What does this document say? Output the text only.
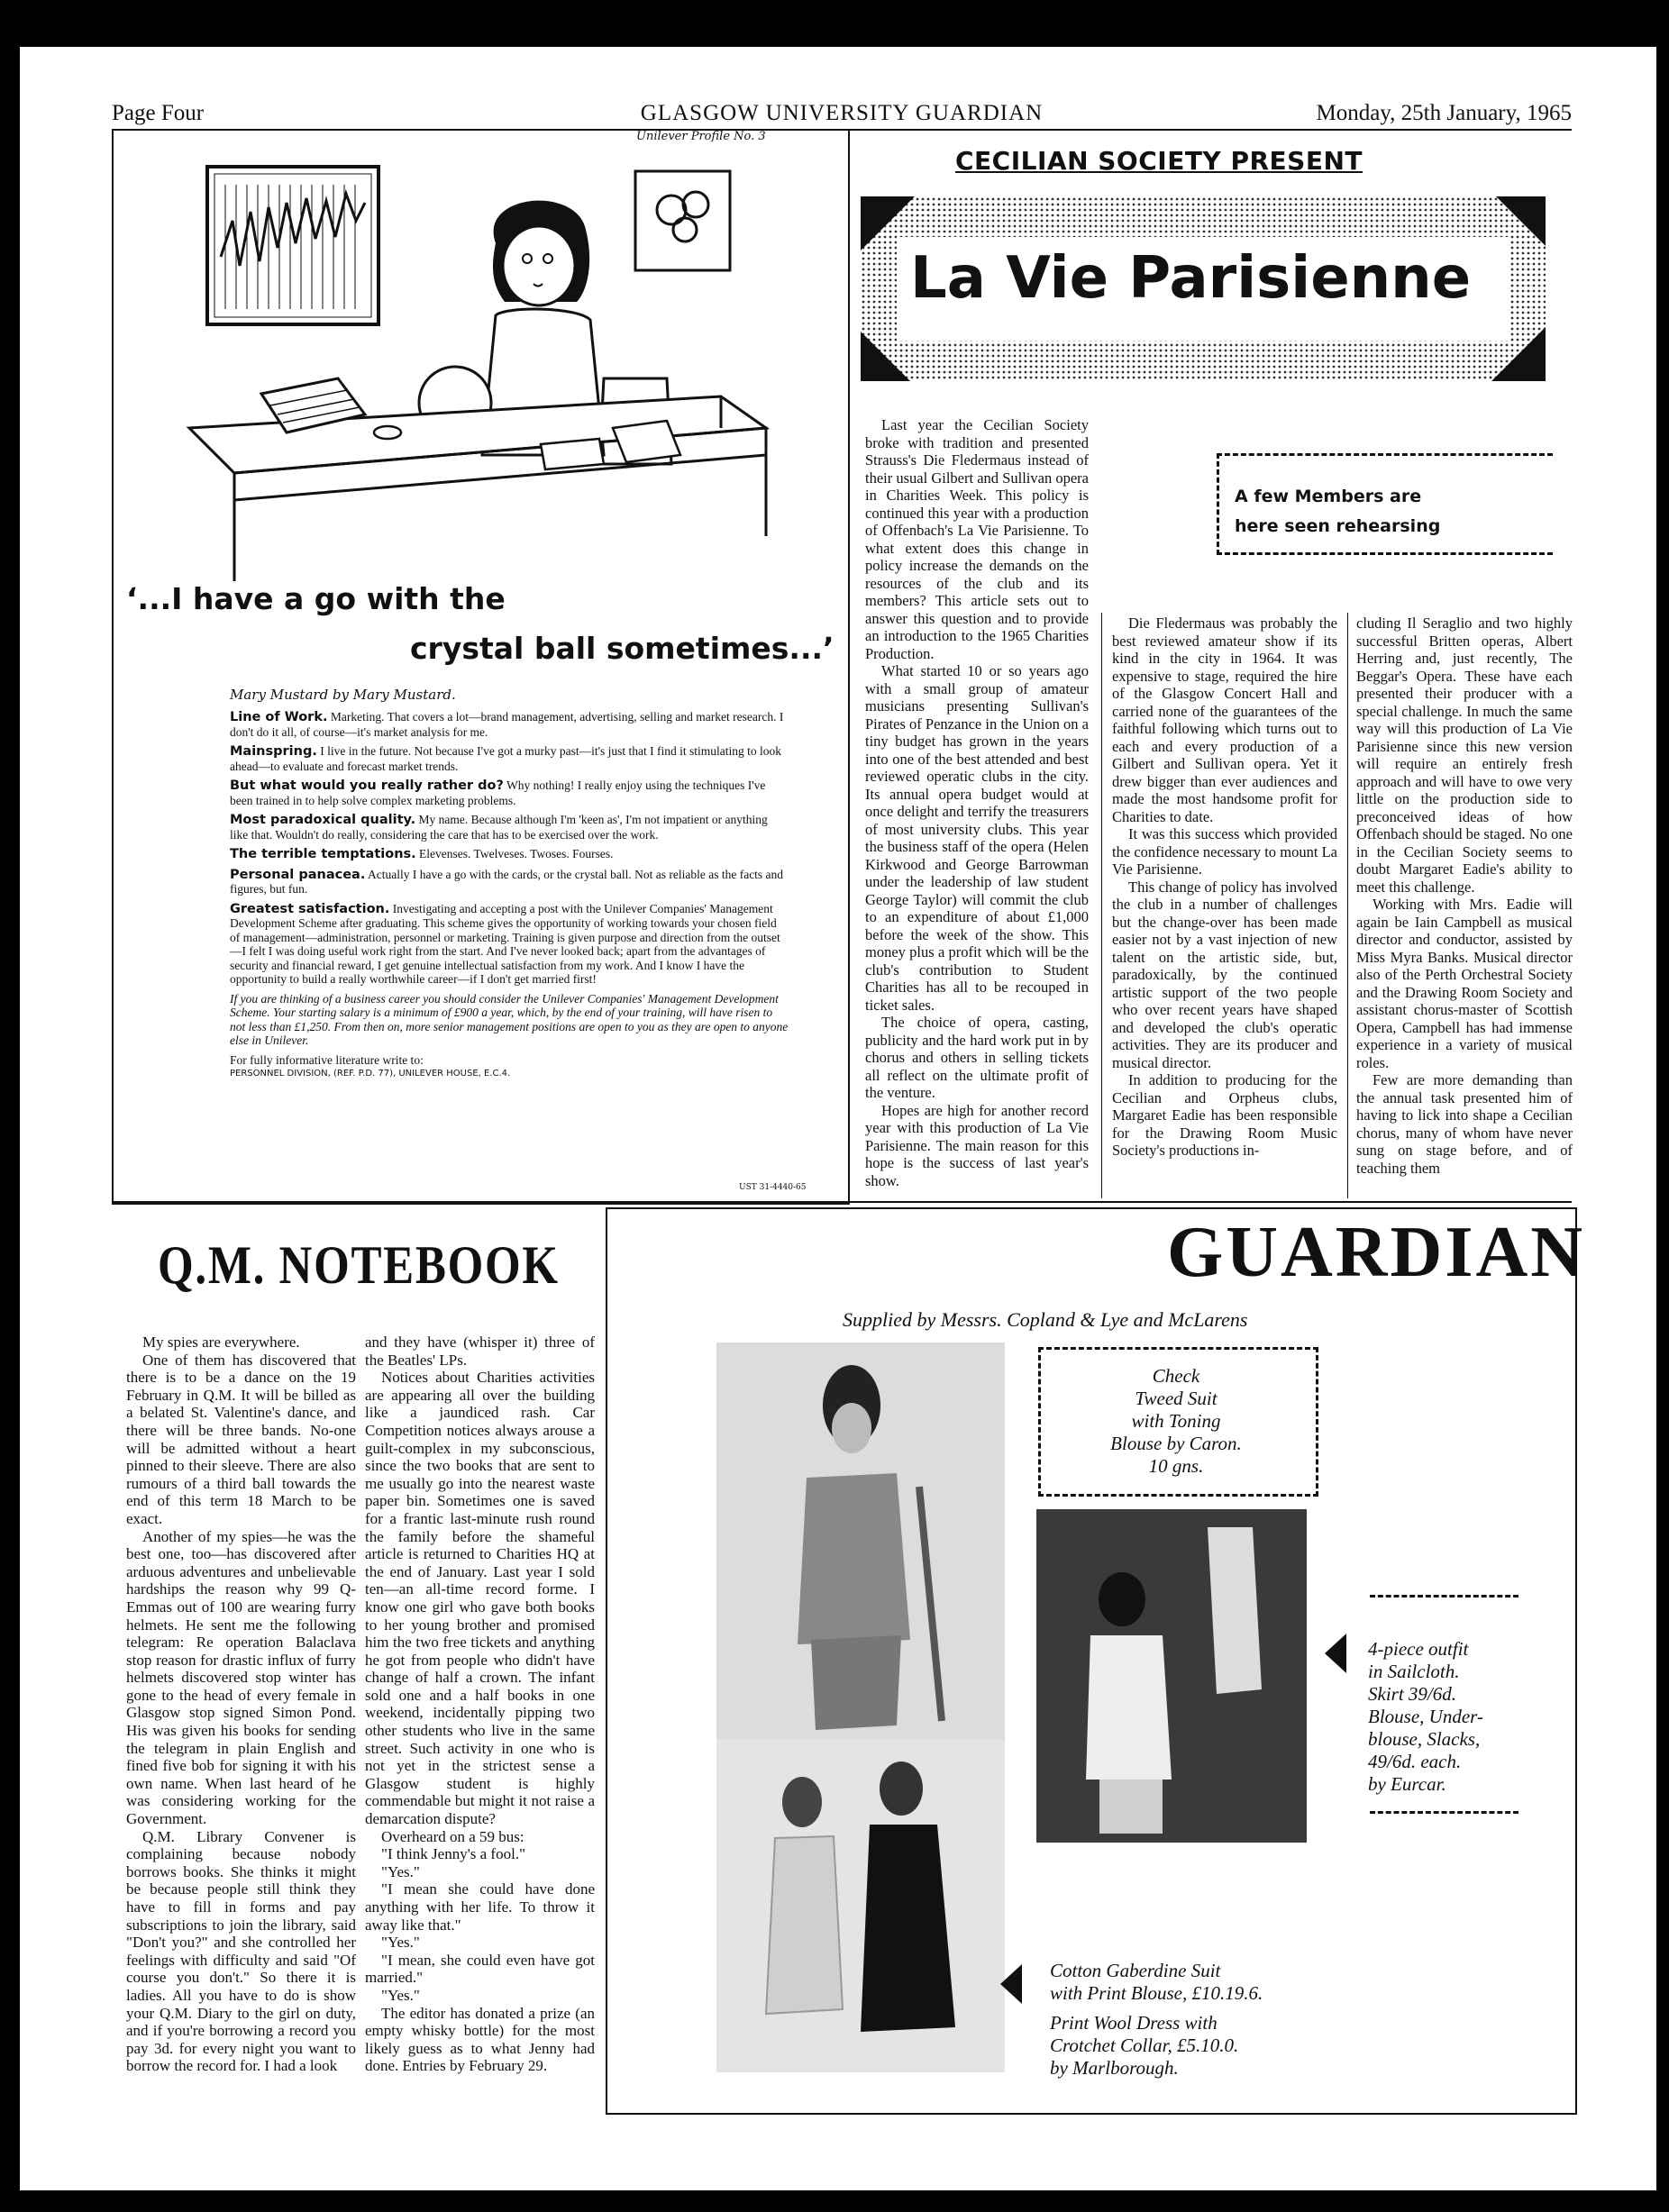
Page Four	GLASGOW UNIVERSITY GUARDIAN	Monday, 25th January, 1965
Unilever Profile No. 3
‘...I have a go with the
crystal ball sometimes...’
Mary Mustard by Mary Mustard.
Line of Work. Marketing. That covers a lot—brand management, advertising, selling and market research. I don't do it all, of course—it's market analysis for me.
Mainspring. I live in the future. Not because I've got a murky past—it's just that I find it stimulating to look ahead—to evaluate and forecast market trends.
But what would you really rather do? Why nothing! I really enjoy using the techniques I've been trained in to help solve complex marketing problems.
Most paradoxical quality. My name. Because although I'm 'keen as', I'm not impatient or anything like that. Wouldn't do really, considering the care that has to be exercised over the work.
The terrible temptations. Elevenses. Twelveses. Twoses. Fourses.
Personal panacea. Actually I have a go with the cards, or the crystal ball. Not as reliable as the facts and figures, but fun.
Greatest satisfaction. Investigating and accepting a post with the Unilever Companies' Management Development Scheme after graduating. This scheme gives the opportunity of working towards your chosen field of management—administration, personnel or marketing. Training is given purpose and direction from the outset—I felt I was doing useful work right from the start. And I've never looked back; apart from the advantages of security and financial reward, I get genuine intellectual satisfaction from my work. And I know I have the opportunity to build a really worthwhile career—if I don't get married first!
If you are thinking of a business career you should consider the Unilever Companies' Management Development Scheme. Your starting salary is a minimum of £900 a year, which, by the end of your training, will have risen to not less than £1,250. From then on, more senior management positions are open to you as they are open to anyone else in Unilever.
For fully informative literature write to:
PERSONNEL DIVISION, (REF. P.D. 77), UNILEVER HOUSE, E.C.4.
UST 31-4440-65
CECILIAN SOCIETY PRESENT
La Vie Parisienne
A few Members are
here seen rehearsing

Last year the Cecilian Society broke with tradition and presented Strauss's Die Fledermaus instead of their usual Gilbert and Sullivan opera in Charities Week. This policy is continued this year with a production of Offenbach's La Vie Parisienne. To what extent does this change in policy increase the demands on the resources of the club and its members? This article sets out to answer this question and to provide an introduction to the 1965 Charities Production.

What started 10 or so years ago with a small group of amateur musicians presenting Sullivan's Pirates of Penzance in the Union on a tiny budget has grown in the years into one of the best attended and best reviewed operatic clubs in the city. Its annual opera budget would at once delight and terrify the treasurers of most university clubs. This year the business staff of the opera (Helen Kirkwood and George Barrowman under the leadership of law student George Taylor) will commit the club to an expenditure of about £1,000 before the week of the show. This money plus a profit which will be the club's contribution to Student Charities has all to be recouped in ticket sales.

The choice of opera, casting, publicity and the hard work put in by chorus and others in selling tickets all reflect on the ultimate profit of the venture.

Hopes are high for another record year with this production of La Vie Parisienne. The main reason for this hope is the success of last year's show.

Die Fledermaus was probably the best reviewed amateur show if its kind in the city in 1964. It was expensive to stage, required the hire of the Glasgow Concert Hall and carried none of the guarantees of the faithful following which turns out to each and every production of a Gilbert and Sullivan opera. Yet it drew bigger than ever audiences and made the most handsome profit for Charities to date.

It was this success which provided the confidence necessary to mount La Vie Parisienne.

This change of policy has involved the club in a number of challenges but the change-over has been made easier not by a vast injection of new talent on the artistic side, but, paradoxically, by the continued artistic support of the two people who over recent years have shaped and developed the club's operatic activities. They are its producer and musical director.

In addition to producing for the Cecilian and Orpheus clubs, Margaret Eadie has been responsible for the Drawing Room Music Society's productions in-

cluding Il Seraglio and two highly successful Britten operas, Albert Herring and, just recently, The Beggar's Opera. These have each presented their producer with a special challenge. In much the same way will this production of La Vie Parisienne since this new version will require an entirely fresh approach and will have to owe very little on the production side to preconceived ideas of how Offenbach should be staged. No one in the Cecilian Society seems to doubt Margaret Eadie's ability to meet this challenge.

Working with Mrs. Eadie will again be Iain Campbell as musical director and conductor, assisted by Miss Myra Banks. Musical director also of the Perth Orchestral Society and the Drawing Room Society and assistant chorus-master of Scottish Opera, Campbell has had immense experience in a variety of musical roles.

Few are more demanding than the annual task presented him of having to lick into shape a Cecilian chorus, many of whom have never sung on stage before, and of teaching them

Q.M. NOTEBOOK

My spies are everywhere.

One of them has discovered that there is to be a dance on the 19 February in Q.M. It will be billed as a belated St. Valentine's dance, and there will be three bands. No-one will be admitted without a heart pinned to their sleeve. There are also rumours of a third ball towards the end of this term 18 March to be exact.

Another of my spies—he was the best one, too—has discovered after arduous adventures and unbelievable hardships the reason why 99 Q-Emmas out of 100 are wearing furry helmets. He sent me the following telegram: Re operation Balaclava stop reason for drastic influx of furry helmets discovered stop winter has gone to the head of every female in Glasgow stop signed Simon Pond. His was given his books for sending the telegram in plain English and fined five bob for signing it with his own name. When last heard of he was considering working for the Government.

Q.M. Library Convener is complaining because nobody borrows books. She thinks it might be because people still think they have to fill in forms and pay subscriptions to join the library, said "Don't you?" and she controlled her feelings with difficulty and said "Of course you don't." So there it is ladies. All you have to do is show your Q.M. Diary to the girl on duty, and if you're borrowing a record you pay 3d. for every night you want to borrow the record for. I had a look

and they have (whisper it) three of the Beatles' LPs.

Notices about Charities activities are appearing all over the building like a jaundiced rash. Car Competition notices always arouse a guilt-complex in my subconscious, since the two books that are sent to me usually go into the nearest waste paper bin. Sometimes one is saved for a frantic last-minute rush round the family before the shameful article is returned to Charities HQ at the end of January. Last year I sold ten—an all-time record forme. I know one girl who gave both books to her young brother and promised him the two free tickets and anything he got from people who didn't have change of half a crown. The infant sold one and a half books in one weekend, incidentally pipping two other students who live in the same street. Such activity in one who is not yet in the strictest sense a Glasgow student is highly commendable but might it not raise a demarcation dispute?

Overheard on a 59 bus:

"I think Jenny's a fool."

"Yes."

"I mean she could have done anything with her life. To throw it away like that."

"Yes."

"I mean, she could even have got married."

"Yes."

The editor has donated a prize (an empty whisky bottle) for the most likely guess as to what Jenny had done. Entries by February 29.

GUARDIAN
Supplied by Messrs. Copland & Lye and McLarens
Check
Tweed Suit
with Toning
Blouse by Caron.
10 gns.
4-piece outfit
in Sailcloth.
Skirt 39/6d.
Blouse, Under-
blouse, Slacks,
49/6d. each.
by Eurcar.
Cotton Gaberdine Suit
with Print Blouse, £10.19.6.
Print Wool Dress with
Crotchet Collar, £5.10.0.
by Marlborough.
